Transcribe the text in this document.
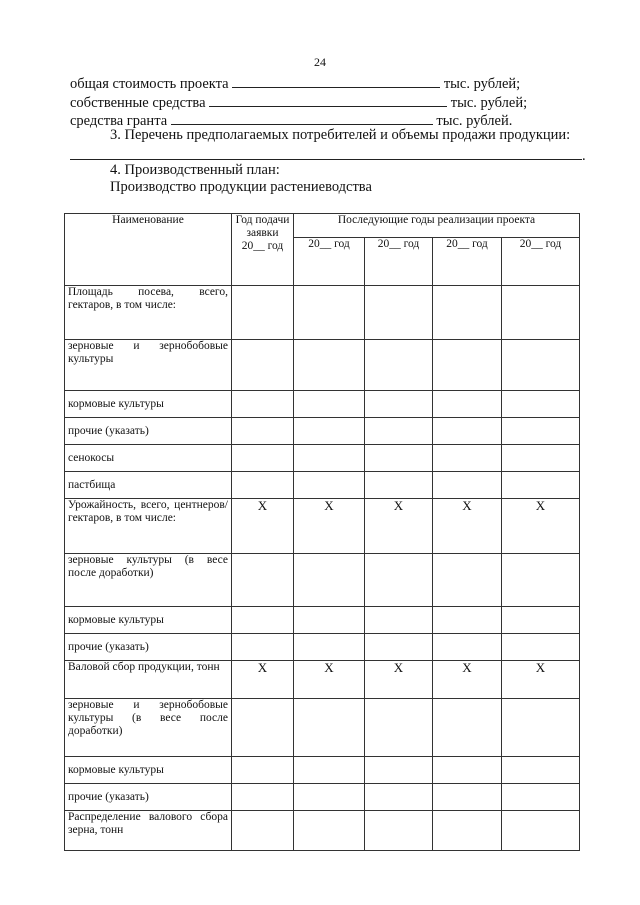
24
общая стоимость проекта	тыс. рублей;
собственные средства	тыс. рублей;
средства гранта	тыс. рублей.
3. Перечень предполагаемых потребителей и объемы продажи продукции:
.
4. Производственный план:
Производство продукции растениеводства
Наименование	Год подачи заявки 20__ год	Последующие годы реализации проекта			
		20__ год	20__ год	20__ год	20__ год
Площадь посева, всего, гектаров, в том числе:					
зерновые и зернобобовые культуры					
кормовые культуры					
прочие (указать)					
сенокосы					
пастбища					
Урожайность, всего, центнеров/гектаров, в том числе:	X	X	X	X	X
зерновые культуры (в весе после доработки)					
кормовые культуры					
прочие (указать)					
Валовой сбор продукции, тонн	X	X	X	X	X
зерновые и зернобобовые культуры (в весе после доработки)					
кормовые культуры					
прочие (указать)					
Распределение валового сбора зерна, тонн					
